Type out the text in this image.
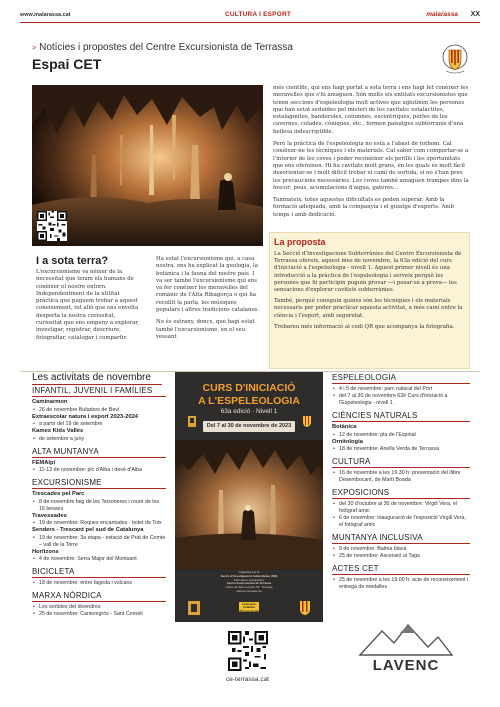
www.malarassa.cat	CULTURA I ESPORT	malarassa XX
> Notícies i propostes del Centre Excursionista de Terrassa
Espai CET
I a sota terra?

L'excursionisme va néixer de la necessitat que tenim els humans de conèixer el nostre entorn. Independentment de la utilitat pràctica que puguem trobar a aquest coneixement, tot allò que ens envolta desperta la nostra curiositat, curiositat que ens empeny a explorar, investigar, registrar, descriure, fotografiar, catalogar i compartir.

Ha estat l'excursionisme qui, a casa nostra, ens ha explicat la geologia, la botànica i la fauna del nostre país. I va ser també l'excursionisme qui ens va fer conèixer les meravelles del romànic de l'Alta Ribagorça o qui ha recollit la parla, les músiques populars i altres tradicions catalanes.

No és estrany, doncs, que hagi estat també l'excursionisme, en el seu vessant

més científic, qui ens hagi portat a sota terra i ens hagi fet conèixer les meravelles que s'hi amaguen. Són molts els entitats excursionistes que tenen seccions d'espeleologia molt actives que aglutinen les persones que han estat seduïdes pel misteri de les cavitats: estalactites, estalagmites, banderoles, columnes, excèntriques, perles de les cavernes, colades, còniques, etc., formen paisatges subterranis d'una bellesa indescriptible.

Però la pràctica de l'espeleologia no està a l'abast de tothom. Cal conèixer-ne les tècniques i els materials. Cal saber com comportar-se a l'interior de les coves i poder reconèixer els perills i les oportunitats que ens ofereixen. Hi ha cavitats molt grans, en les quals és molt fàcil desorientar-se i molt difícil trobar el camí de sortida, si no s'han pres les precaucions necessàries. Les coves també amaguen trampes dins la foscor: pous, acumulacions d'aigua, gateres...

Tanmateix, totes aquestes dificultats es poden superar. Amb la formació adequada, amb la companyia i el guiatge d'experts. Amb temps i amb dedicació.

La proposta

La Secció d'Investigacions Subterrànies del Centre Excursionista de Terrassa ofereix, aquest mes de novembre, la 63a edició del curs d'iniciació a l'espeleologia - nivell 1. Aquest primer nivell és una introducció a la pràctica de l'espeleologia i serveix perquè les persones que hi participin puguin provar —i posar-se a prova— les sensacions d'explorar cavitats subterrànies.

També, perquè coneguin quines són les tècniques i els materials necessaris per poder practicar aquesta activitat, a més camí entre la ciència i l'esport, amb seguretat.

Trobareu més informació al codi QR que acompanya la fotografia.

Les activitats de novembre
INFANTIL, JUVENIL I FAMÍLIES
Caminarmon
• 26 de novembre Bufadors de Beví
Extraescolar natura i esport 2023-2024
• a partir del 19 de setembre
Kames Kids Vallès
• de setembre a juny
ALTA MUNTANYA
FEMAlpí
• 11-12 de novembre: pic d'Alba i desè d'Alba
EXCURSIONISME
Trescades pel Parc
• 8 de novembre faig de les Teixoneres i rouré de les 16 besses
Travessades
• 19 de novembre: Roques encantades - bolet de Toix
Senders - Trescant pel sud de Catalunya
• 19 de novembre: 3a etapa - estació de Prat de Comte – vall de la Torre
Horitzons
• 4 de novembre: Serra Major del Montsant
BICICLETA
• 18 de novembre: entre fageda i volcans
MARXA NÒRDICA
• Les sortides del divendres
• 25 de novembre: Cantonigròs - Sant Corneli
ESPELEOLOGIA
• 4 i 5 de novembre: parc natural del Port
• del 7 al 30 de novembre 63è Curs d'iniciació a l'Espeleologia - nivell 1
CIÈNCIES NATURALS
Botànica
• 12 de novembre: pla de l'Espinal
Ornitologia
• 18 de novembre: Anella Verda de Terrassa
CULTURA
• 16 de novembre a les 19.30 h: presentació del llibre Desembocant, de Martí Boada
EXPOSICIONS
• del 30 d'octubre al 30 de novembre: Virgili Vera, el fotògraf amic
• 6 de novembre: inauguració de l'exposició Virgili Vera, el fotògraf amic
MUNTANYA INCLUSIVA
• 9 de novembre: Balma blava
• 25 de novembre: Ascensió al Taga
ACTES CET
• 25 de novembre a les 19.00 h: acte de reconeixement i entrega de medalles
CURS D'INICIACIÓ
A L'ESPELEOLOGIA
63a edició · Nivell 1
Del 7 al 30 de novembre de 2023
Organitzat per la
Secció d'Investigacions Subterrànies (SIS)
Informació i inscripcions:
Centre Excursionista de Terrassa
Carrer de Sant Leopold, 59 · Terrassa
www.ce-terrassa.cat
Federació Catalana d'Espeleologia
ce-terrassa.cat
LAVENC
